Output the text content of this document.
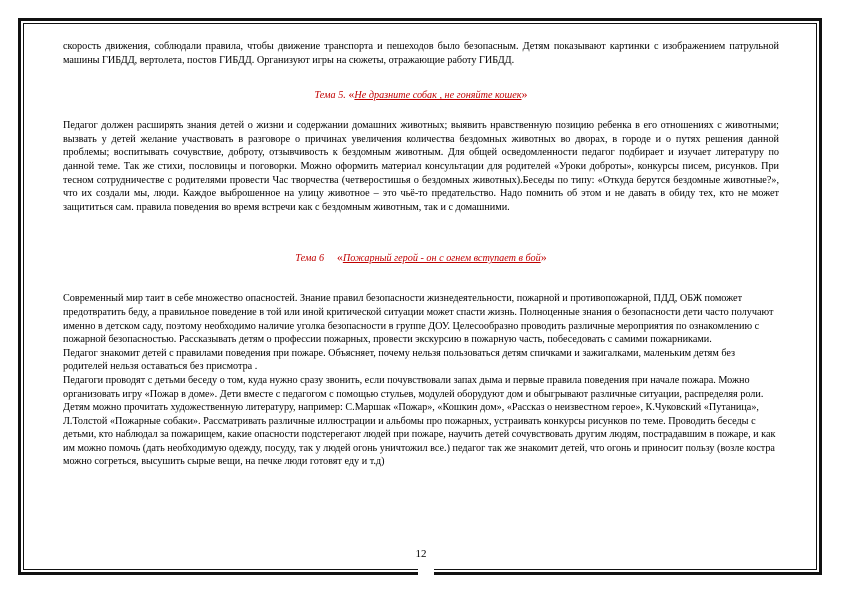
скорость движения, соблюдали правила, чтобы движение транспорта и пешеходов было безопасным. Детям показывают картинки с изображением патрульной машины ГИБДД, вертолета, постов ГИБДД. Организуют игры на сюжеты, отражающие работу ГИБДД.

Тема 5. «Не дразните собак , не гоняйте кошек»

Педагог должен расширять знания детей о жизни и содержании домашних животных; выявить нравственную позицию ребенка в его отношениях с животными; вызвать у детей желание участвовать в разговоре о причинах увеличения количества бездомных животных во дворах, в городе и о путях решения данной проблемы; воспитывать сочувствие, доброту, отзывчивость к бездомным животным. Для общей осведомленности педагог подбирает и изучает литературу по данной теме. Так же стихи, пословицы и поговорки. Можно оформить материал консультации для родителей «Уроки доброты», конкурсы писем, рисунков. При тесном сотрудничестве с родителями провести Час творчества (четверостишья о бездомных животных).Беседы по типу: «Откуда берутся бездомные животные?», что их создали мы, люди. Каждое выброшенное на улицу животное – это чьё-то предательство. Надо помнить об этом и не давать в обиду тех, кто не может защититься сам. правила поведения во время встречи как с бездомным животным, так и с домашними.

Тема 6     «Пожарный герой - он с огнем вступает в бой»

Современный мир таит в себе множество опасностей. Знание правил безопасности жизнедеятельности, пожарной и противопожарной, ПДД, ОБЖ поможет предотвратить беду, а правильное поведение в той или иной критической ситуации может спасти жизнь. Полноценные знания о безопасности дети часто получают именно в детском саду, поэтому необходимо наличие уголка безопасности в группе ДОУ. Целесообразно проводить различные мероприятия по ознакомлению с пожарной безопасностью. Рассказывать детям о профессии пожарных, провести экскурсию в пожарную часть, побеседовать с самими пожарниками.

Педагог знакомит детей с правилами поведения при пожаре. Объясняет, почему нельзя пользоваться детям спичками и зажигалками, маленьким детям без родителей нельзя оставаться без присмотра .

Педагоги проводят с детьми беседу о том, куда нужно сразу звонить, если почувствовали запах дыма и первые правила поведения при начале пожара. Можно организовать игру «Пожар в доме». Дети вместе с педагогом с помощью стульев, модулей оборудуют дом и обыгрывают различные ситуации, распределяя роли. Детям можно прочитать художественную литературу, например: С.Маршак «Пожар», «Кошкин дом», «Рассказ о неизвестном герое», К.Чуковский «Путаница», Л.Толстой «Пожарные собаки». Рассматривать различные иллюстрации и альбомы про пожарных, устраивать конкурсы рисунков по теме. Проводить беседы с детьми, кто наблюдал за пожарищем, какие опасности подстерегают людей при пожаре, научить детей сочувствовать другим людям, пострадавшим в пожаре, и как им можно помочь (дать необходимую одежду, посуду, так у людей огонь уничтожил все.) педагог так же знакомит детей, что огонь и приносит пользу (возле костра можно согреться, высушить сырые вещи, на печке люди готовят еду и т.д)

12
